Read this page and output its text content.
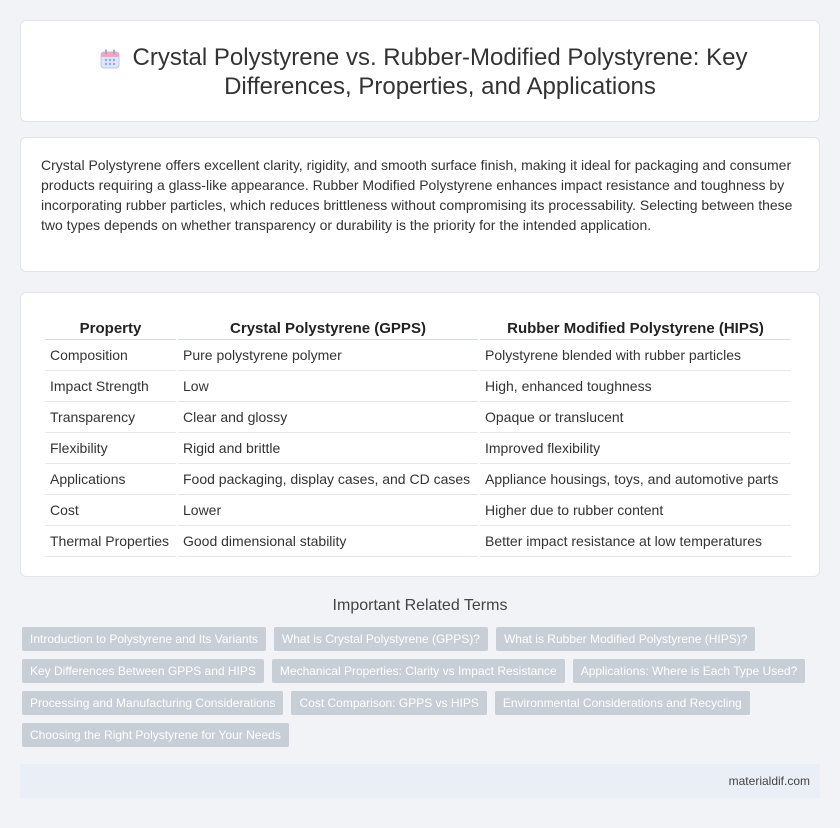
Crystal Polystyrene vs. Rubber-Modified Polystyrene: Key Differences, Properties, and Applications

Crystal Polystyrene offers excellent clarity, rigidity, and smooth surface finish, making it ideal for packaging and consumer products requiring a glass-like appearance. Rubber Modified Polystyrene enhances impact resistance and toughness by incorporating rubber particles, which reduces brittleness without compromising its processability. Selecting between these two types depends on whether transparency or durability is the priority for the intended application.

Property	Crystal Polystyrene (GPPS)	Rubber Modified Polystyrene (HIPS)
Composition	Pure polystyrene polymer	Polystyrene blended with rubber particles
Impact Strength	Low	High, enhanced toughness
Transparency	Clear and glossy	Opaque or translucent
Flexibility	Rigid and brittle	Improved flexibility
Applications	Food packaging, display cases, and CD cases	Appliance housings, toys, and automotive parts
Cost	Lower	Higher due to rubber content
Thermal Properties	Good dimensional stability	Better impact resistance at low temperatures
Important Related Terms
Introduction to Polystyrene and Its Variants	What is Crystal Polystyrene (GPPS)?	What is Rubber Modified Polystyrene (HIPS)?
Key Differences Between GPPS and HIPS	Mechanical Properties: Clarity vs Impact Resistance	Applications: Where is Each Type Used?
Processing and Manufacturing Considerations	Cost Comparison: GPPS vs HIPS	Environmental Considerations and Recycling
Choosing the Right Polystyrene for Your Needs
materialdif.com
